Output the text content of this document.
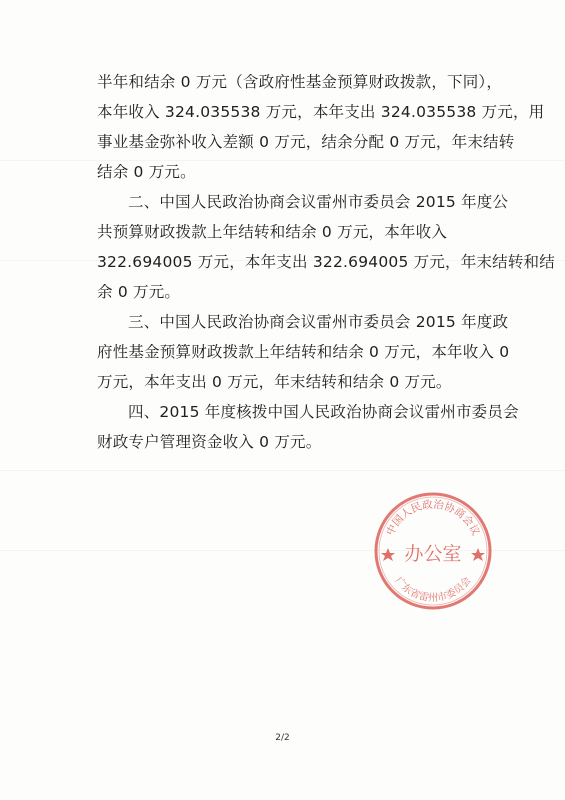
半年和结余 0 万元（含政府性基金预算财政拨款，下同），
本年收入 324.035538 万元，本年支出 324.035538 万元，用
事业基金弥补收入差额 0 万元，结余分配 0 万元，年末结转
结余 0 万元。
二、中国人民政治协商会议雷州市委员会 2015 年度公
共预算财政拨款上年结转和结余 0 万元，本年收入
322.694005 万元，本年支出 322.694005 万元，年末结转和结
余 0 万元。
三、中国人民政治协商会议雷州市委员会 2015 年度政
府性基金预算财政拨款上年结转和结余 0 万元，本年收入 0
万元，本年支出 0 万元，年末结转和结余 0 万元。
四、2015 年度核拨中国人民政治协商会议雷州市委员会
财政专户管理资金收入 0 万元。
中国人民政治协商会议
广东省雷州市委员会
办公室
2/2
